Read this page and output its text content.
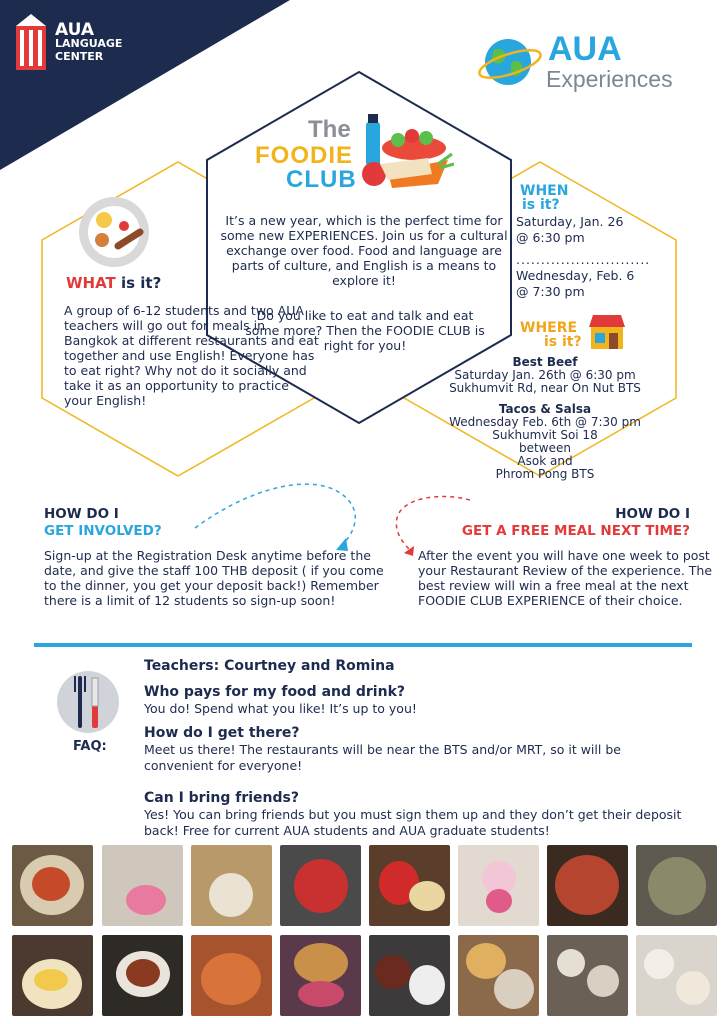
AUA
LANGUAGE
CENTER	AUA
Experiences
The
FOODIE
CLUB
It’s a new year, which is the perfect time for some new EXPERIENCES. Join us for a cultural exchange over food. Food and language are parts of culture, and English is a means to explore it!
Do you like to eat and talk and eat some more? Then the FOODIE CLUB is right for you!
WHAT is it?
A group of 6-12 students and two AUA teachers will go out for meals in Bangkok at different restaurants and eat together and use English! Everyone has to eat right? Why not do it socially and take it as an opportunity to practice your English!
WHEN
is it?
Saturday, Jan. 26
@ 6:30 pm
...........................
Wednesday, Feb. 6
@ 7:30 pm
WHERE
is it?
Best Beef
Saturday Jan. 26th @ 6:30 pm
Sukhumvit Rd, near On Nut BTS
Tacos & Salsa
Wednesday Feb. 6th @ 7:30 pm
Sukhumvit Soi 18
between
Asok and
Phrom Pong BTS
HOW DO I
GET INVOLVED?
Sign-up at the Registration Desk anytime before the date, and give the staff 100 THB deposit ( if you come to the dinner, you get your deposit back!) Remember there is a limit of 12 students so sign-up soon!
HOW DO I
GET A FREE MEAL NEXT TIME?
After the event you will have one week to post your Restaurant Review of the experience. The best review will win a free meal at the next FOODIE CLUB EXPERIENCE of their choice.
Teachers: Courtney and Romina
FAQ:
Who pays for my food and drink?
You do! Spend what you like! It’s up to you!
How do I get there?
Meet us there! The restaurants will be near the BTS and/or MRT, so it will be convenient for everyone!
Can I bring friends?
Yes! You can bring friends but you must sign them up and they don’t get their deposit back! Free for current AUA students and AUA graduate students!
